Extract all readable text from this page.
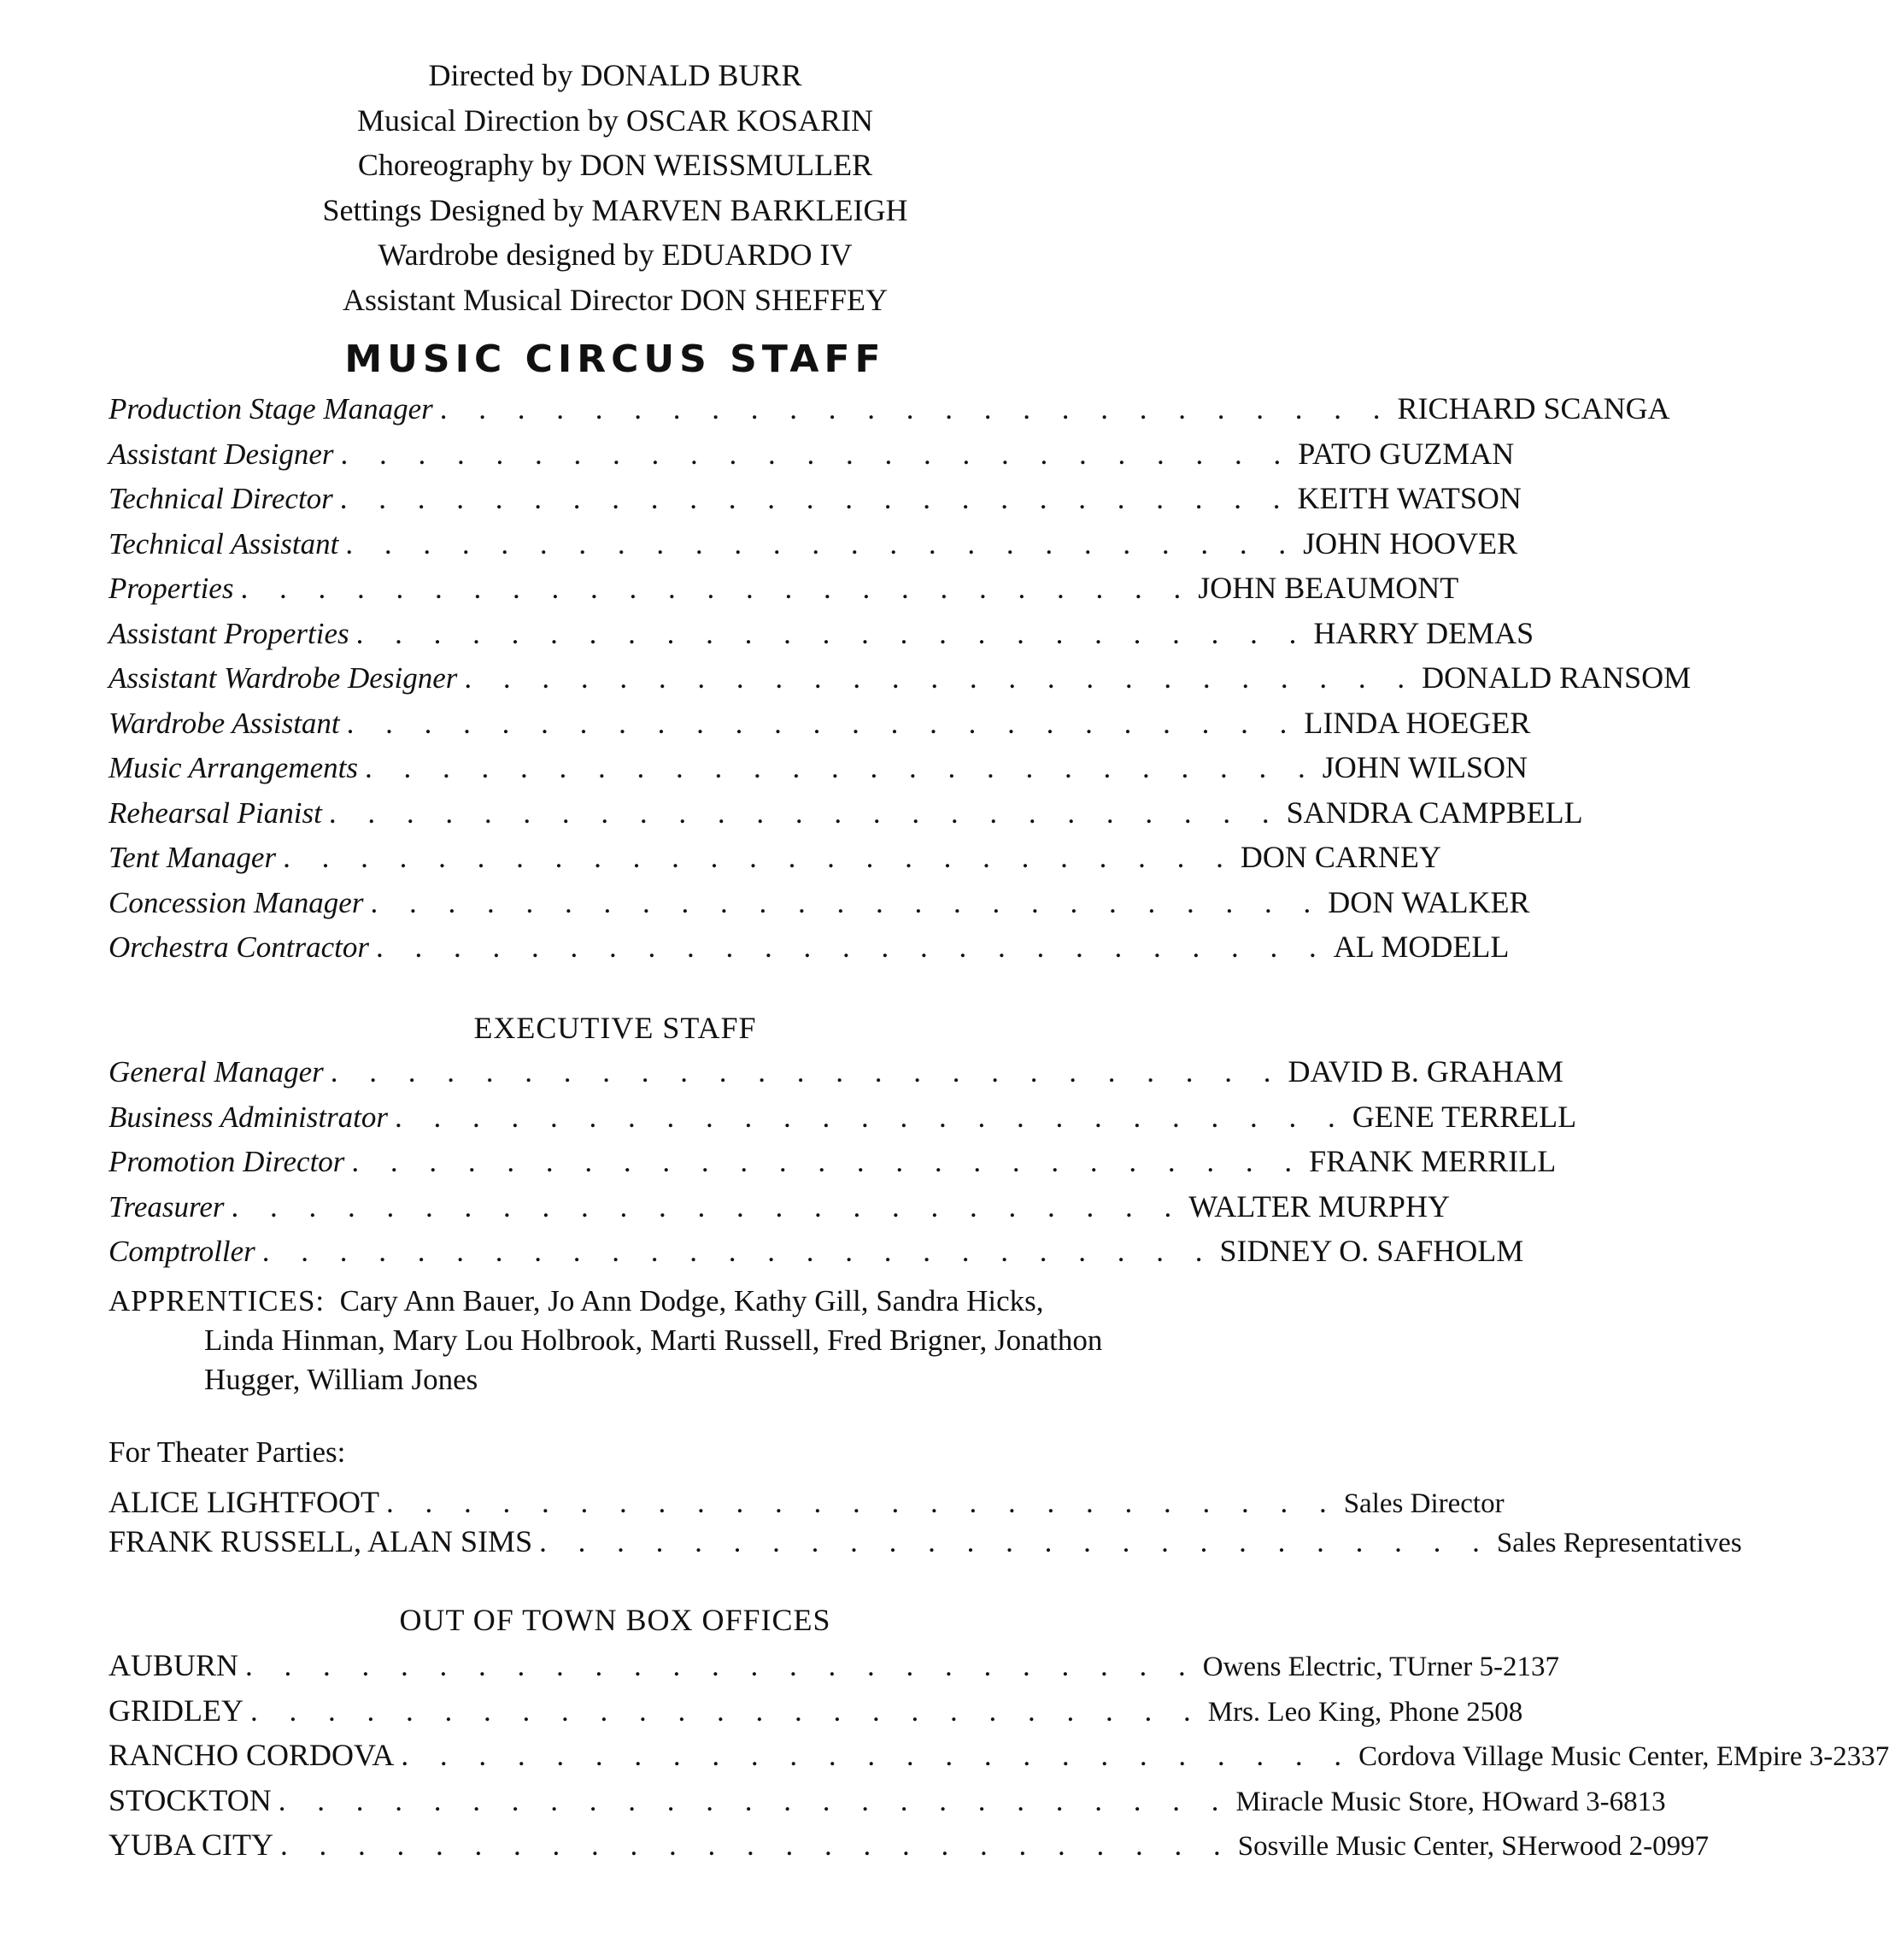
Directed by DONALD BURR
Musical Direction by OSCAR KOSARIN
Choreography by DON WEISSMULLER
Settings Designed by MARVEN BARKLEIGH
Wardrobe designed by EDUARDO IV
Assistant Musical Director DON SHEFFEY
MUSIC CIRCUS STAFF
Production Stage Manager . . . . . . . . . . . . . . . . . . . . . . . . . RICHARD SCANGA
Assistant Designer . . . . . . . . . . . . . . . . . . . . . . . . . PATO GUZMAN
Technical Director . . . . . . . . . . . . . . . . . . . . . . . . . KEITH WATSON
Technical Assistant . . . . . . . . . . . . . . . . . . . . . . . . . JOHN HOOVER
Properties . . . . . . . . . . . . . . . . . . . . . . . . . JOHN BEAUMONT
Assistant Properties . . . . . . . . . . . . . . . . . . . . . . . . . HARRY DEMAS
Assistant Wardrobe Designer . . . . . . . . . . . . . . . . . . . . . . . . . DONALD RANSOM
Wardrobe Assistant . . . . . . . . . . . . . . . . . . . . . . . . . LINDA HOEGER
Music Arrangements . . . . . . . . . . . . . . . . . . . . . . . . . JOHN WILSON
Rehearsal Pianist . . . . . . . . . . . . . . . . . . . . . . . . . SANDRA CAMPBELL
Tent Manager . . . . . . . . . . . . . . . . . . . . . . . . . DON CARNEY
Concession Manager . . . . . . . . . . . . . . . . . . . . . . . . . DON WALKER
Orchestra Contractor . . . . . . . . . . . . . . . . . . . . . . . . . AL MODELL
EXECUTIVE STAFF
General Manager . . . . . . . . . . . . . . . . . . . . . . . . . DAVID B. GRAHAM
Business Administrator . . . . . . . . . . . . . . . . . . . . . . . . . GENE TERRELL
Promotion Director . . . . . . . . . . . . . . . . . . . . . . . . . FRANK MERRILL
Treasurer . . . . . . . . . . . . . . . . . . . . . . . . . WALTER MURPHY
Comptroller . . . . . . . . . . . . . . . . . . . . . . . . . SIDNEY O. SAFHOLM
APPRENTICES: Cary Ann Bauer, Jo Ann Dodge, Kathy Gill, Sandra Hicks,
Linda Hinman, Mary Lou Holbrook, Marti Russell, Fred Brigner, Jonathon
Hugger, William Jones
For Theater Parties:
ALICE LIGHTFOOT . . . . . . . . . . . . . . . . . . . . . . . . . Sales Director
FRANK RUSSELL, ALAN SIMS . . . . . . . . . . . . . . . . . . . . . . . . . Sales Representatives
OUT OF TOWN BOX OFFICES
AUBURN . . . . . . . . . . . . . . . . . . . . . . . . . Owens Electric, TUrner 5-2137
GRIDLEY . . . . . . . . . . . . . . . . . . . . . . . . . Mrs. Leo King, Phone 2508
RANCHO CORDOVA . . . . . . . . . . . . . . . . . . . . . . . . . Cordova Village Music Center, EMpire 3-2337
STOCKTON . . . . . . . . . . . . . . . . . . . . . . . . . Miracle Music Store, HOward 3-6813
YUBA CITY . . . . . . . . . . . . . . . . . . . . . . . . . Sosville Music Center, SHerwood 2-0997
